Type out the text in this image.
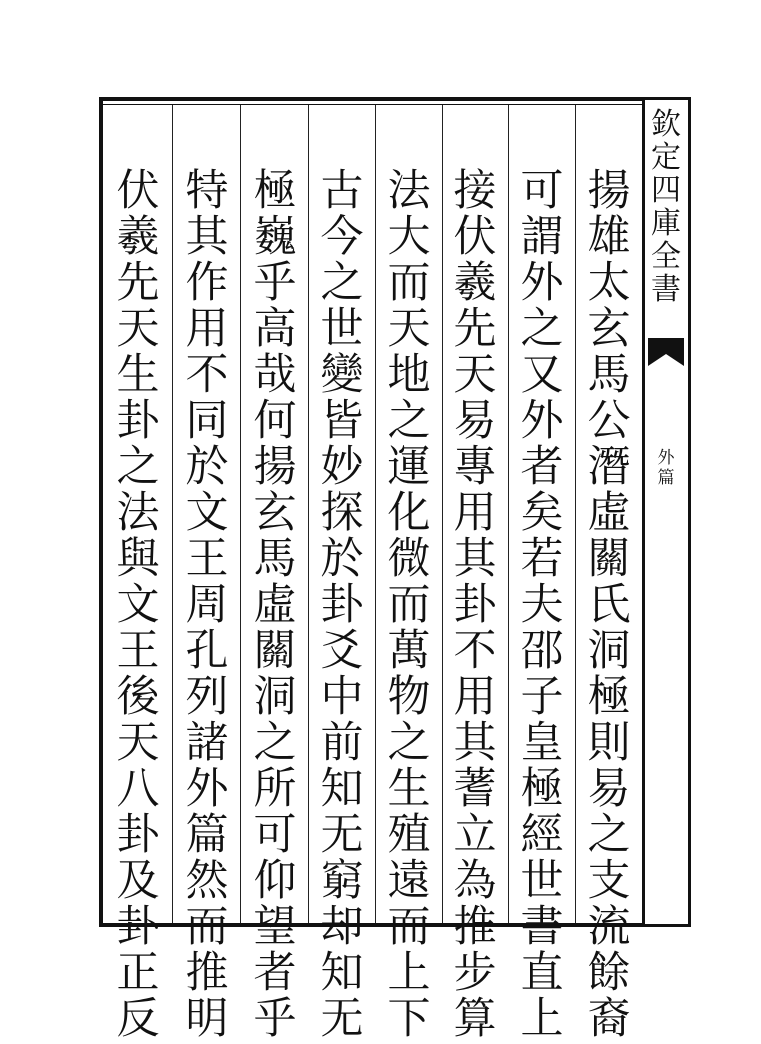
欽
定
四
庫
全
書
外
篇
揚
雄
太
玄
馬
公
潛
虛
關
氏
洞
極
則
易
之
支
流
餘
裔
可
謂
外
之
又
外
者
矣
若
夫
邵
子
皇
極
經
世
書
直
上
接
伏
羲
先
天
易
專
用
其
卦
不
用
其
蓍
立
為
推
步
算
法
大
而
天
地
之
運
化
微
而
萬
物
之
生
殖
遠
而
上
下
古
今
之
世
變
皆
妙
探
於
卦
爻
中
前
知
无
窮
却
知
无
極
巍
乎
高
哉
何
揚
玄
馬
虛
關
洞
之
所
可
仰
望
者
乎
特
其
作
用
不
同
於
文
王
周
孔
列
諸
外
篇
然
而
推
明
伏
羲
先
天
生
卦
之
法
與
文
王
後
天
八
卦
及
卦
正
反
